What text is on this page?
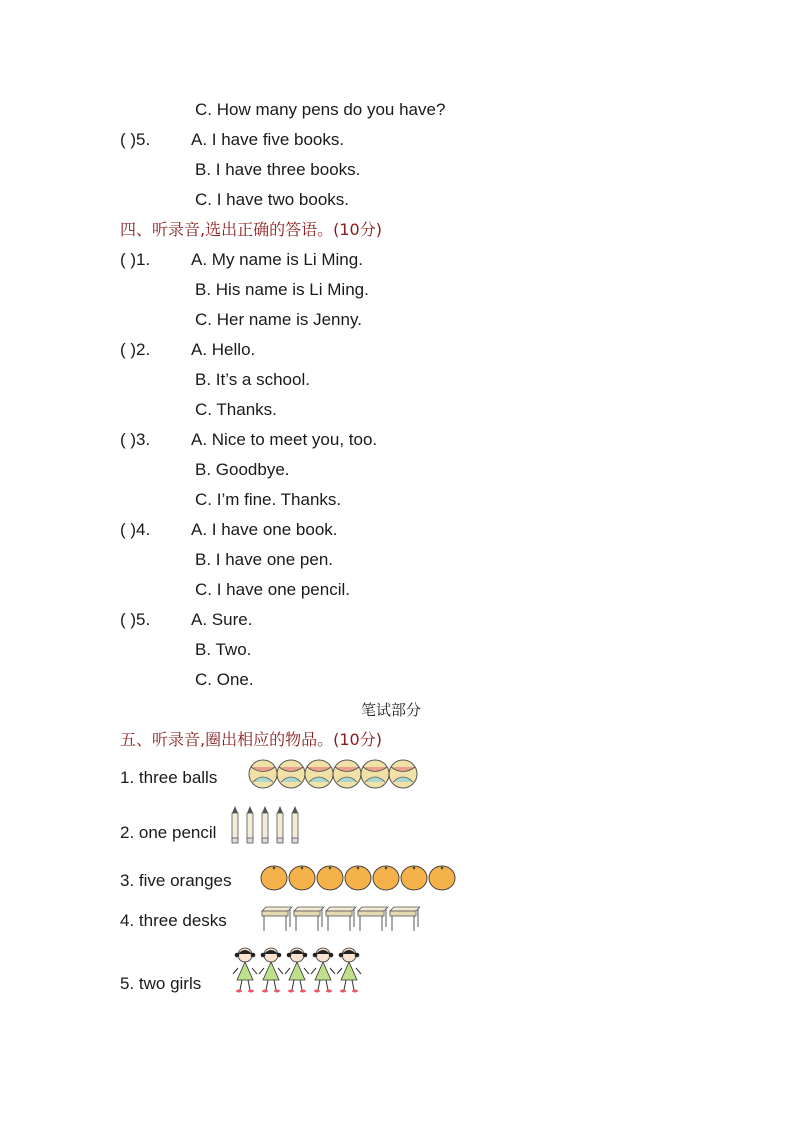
C. How many pens do you have?
( )5. A. I have five books.
B. I have three books.
C. I have two books.
四、听录音,选出正确的答语。(10分)
( )1. A. My name is Li Ming.
B. His name is Li Ming.
C. Her name is Jenny.
( )2. A. Hello.
B. It’s a school.
C. Thanks.
( )3. A. Nice to meet you, too.
B. Goodbye.
C. I’m fine. Thanks.
( )4. A. I have one book.
B. I have one pen.
C. I have one pencil.
( )5. A. Sure.
B. Two.
C. One.
笔试部分
五、听录音,圈出相应的物品。(10分)
1. three balls
2. one pencil
3. five oranges
4. three desks
5. two girls
